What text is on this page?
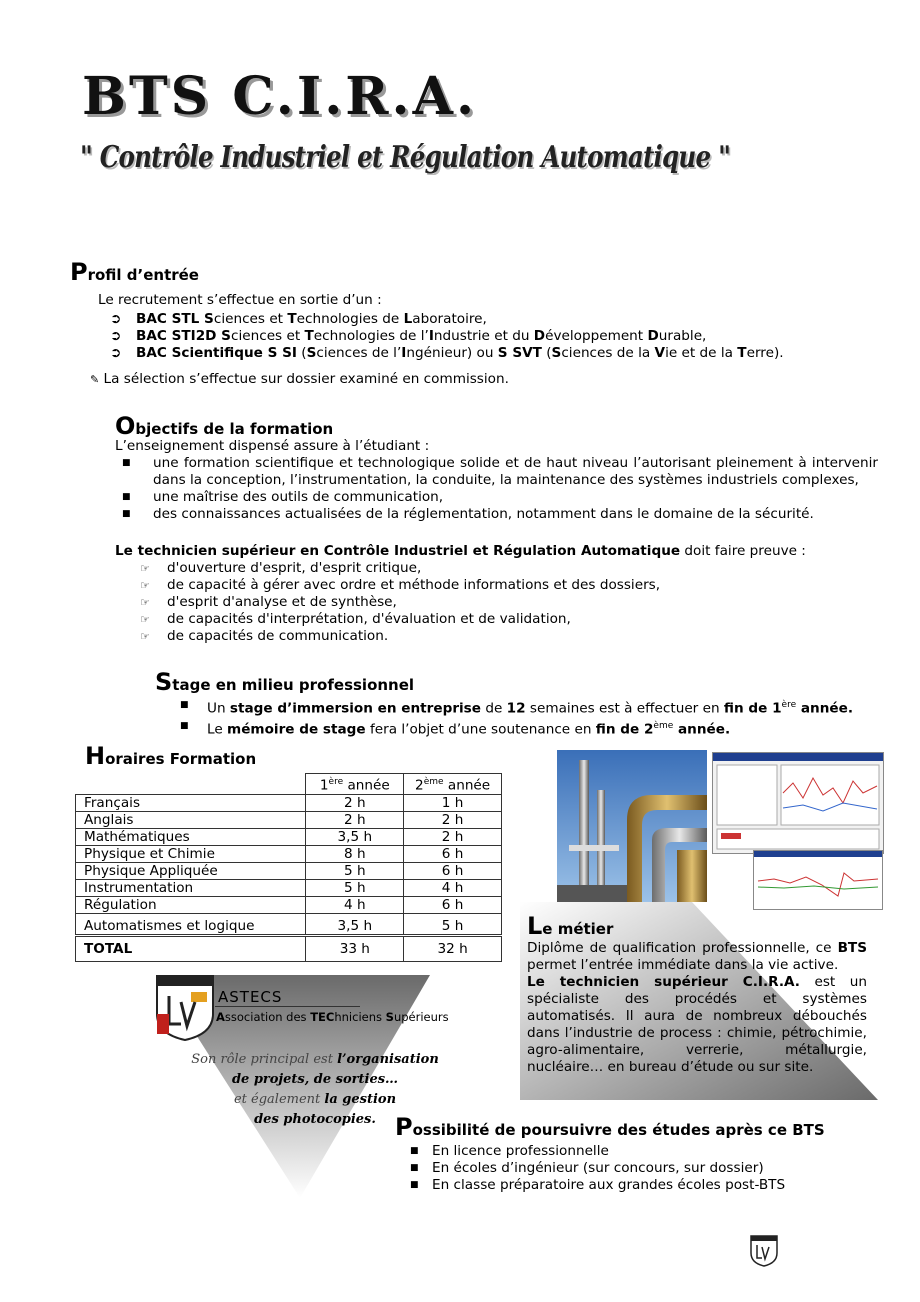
BTS C.I.R.A.
" Contrôle Industriel et Régulation Automatique "
Profil d’entrée
Le recrutement s’effectue en sortie d’un :
➲	BAC STL Sciences et Technologies de Laboratoire,
➲	BAC STI2D Sciences et Technologies de l’Industrie et du Développement Durable,
➲	BAC Scientifique S SI (Sciences de l’Ingénieur) ou S SVT (Sciences de la Vie et de la Terre).
✎ La sélection s’effectue sur dossier examiné en commission.
Objectifs de la formation
L’enseignement dispensé assure à l’étudiant :
■	une formation scientifique et technologique solide et de haut niveau l’autorisant pleinement à intervenir dans la conception, l’instrumentation, la conduite, la maintenance des systèmes industriels complexes,
■	une maîtrise des outils de communication,
■	des connaissances actualisées de la réglementation, notamment dans le domaine de la sécurité.
Le technicien supérieur en Contrôle Industriel et Régulation Automatique doit faire preuve :
☞	d'ouverture d'esprit, d'esprit critique,
☞	de capacité à gérer avec ordre et méthode informations et des dossiers,
☞	d'esprit d'analyse et de synthèse,
☞	de capacités d'interprétation, d'évaluation et de validation,
☞	de capacités de communication.
Stage en milieu professionnel
■	Un stage d’immersion en entreprise de 12 semaines est à effectuer en fin de 1ère année.
■	Le mémoire de stage fera l’objet d’une soutenance en fin de 2ème année.
Horaires Formation
	1ère année	2ème année
Français	2 h	1 h
Anglais	2 h	2 h
Mathématiques	3,5 h	2 h
Physique et Chimie	8 h	6 h
Physique Appliquée	5 h	6 h
Instrumentation	5 h	4 h
Régulation	4 h	6 h
Automatismes et logique	3,5 h	5 h
TOTAL	33 h	32 h
Le métier
Diplôme de qualification professionnelle, ce BTS permet l’entrée immédiate dans la vie active.
Le technicien supérieur C.I.R.A. est un spécialiste des procédés et systèmes automatisés. Il aura de nombreux débouchés dans l’industrie de process : chimie, pétrochimie, agro-alimentaire, verrerie, métallurgie, nucléaire… en bureau d’étude ou sur site.
ASTECS
Association des TEChniciens Supérieurs
Son rôle principal est l’organisation
de projets, de sorties…
et également la gestion
des photocopies. Possibilité de poursuivre des études après ce BTS
■ En licence professionnelle
■ En écoles d’ingénieur (sur concours, sur dossier)
■ En classe préparatoire aux grandes écoles post-BTS
